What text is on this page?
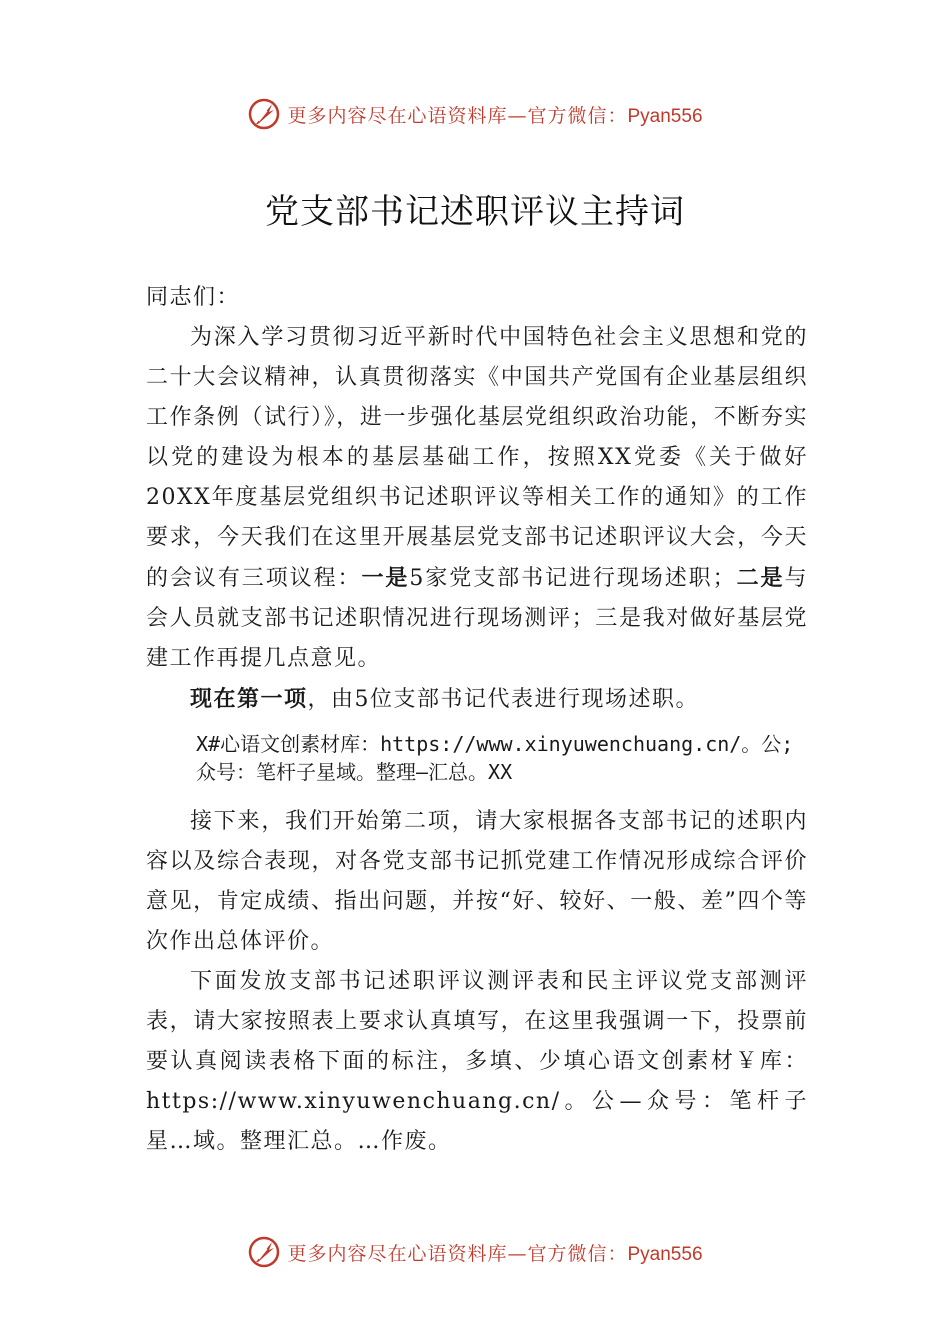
更多内容尽在心语资料库—官方微信：Pyan556
党支部书记述职评议主持词

同志们：

为深入学习贯彻习近平新时代中国特色社会主义思想和党的二十大会议精神，认真贯彻落实《中国共产党国有企业基层组织工作条例（试行）》，进一步强化基层党组织政治功能，不断夯实以党的建设为根本的基层基础工作，按照XX党委《关于做好20XX年度基层党组织书记述职评议等相关工作的通知》的工作要求，今天我们在这里开展基层党支部书记述职评议大会，今天的会议有三项议程：一是5家党支部书记进行现场述职；二是与会人员就支部书记述职情况进行现场测评；三是我对做好基层党建工作再提几点意见。

现在第一项，由5位支部书记代表进行现场述职。

X#心语文创素材库：https://www.xinyuwenchuang.cn/。公;众号：笔杆子星域。整理—汇总。XX

接下来，我们开始第二项，请大家根据各支部书记的述职内容以及综合表现，对各党支部书记抓党建工作情况形成综合评价意见，肯定成绩、指出问题，并按“好、较好、一般、差”四个等次作出总体评价。

下面发放支部书记述职评议测评表和民主评议党支部测评表，请大家按照表上要求认真填写，在这里我强调一下，投票前要认真阅读表格下面的标注，多填、少填心语文创素材￥库：https://www.xinyuwenchuang.cn/。公—众号：笔杆子星…域。整理汇总。…作废。

更多内容尽在心语资料库—官方微信：Pyan556
